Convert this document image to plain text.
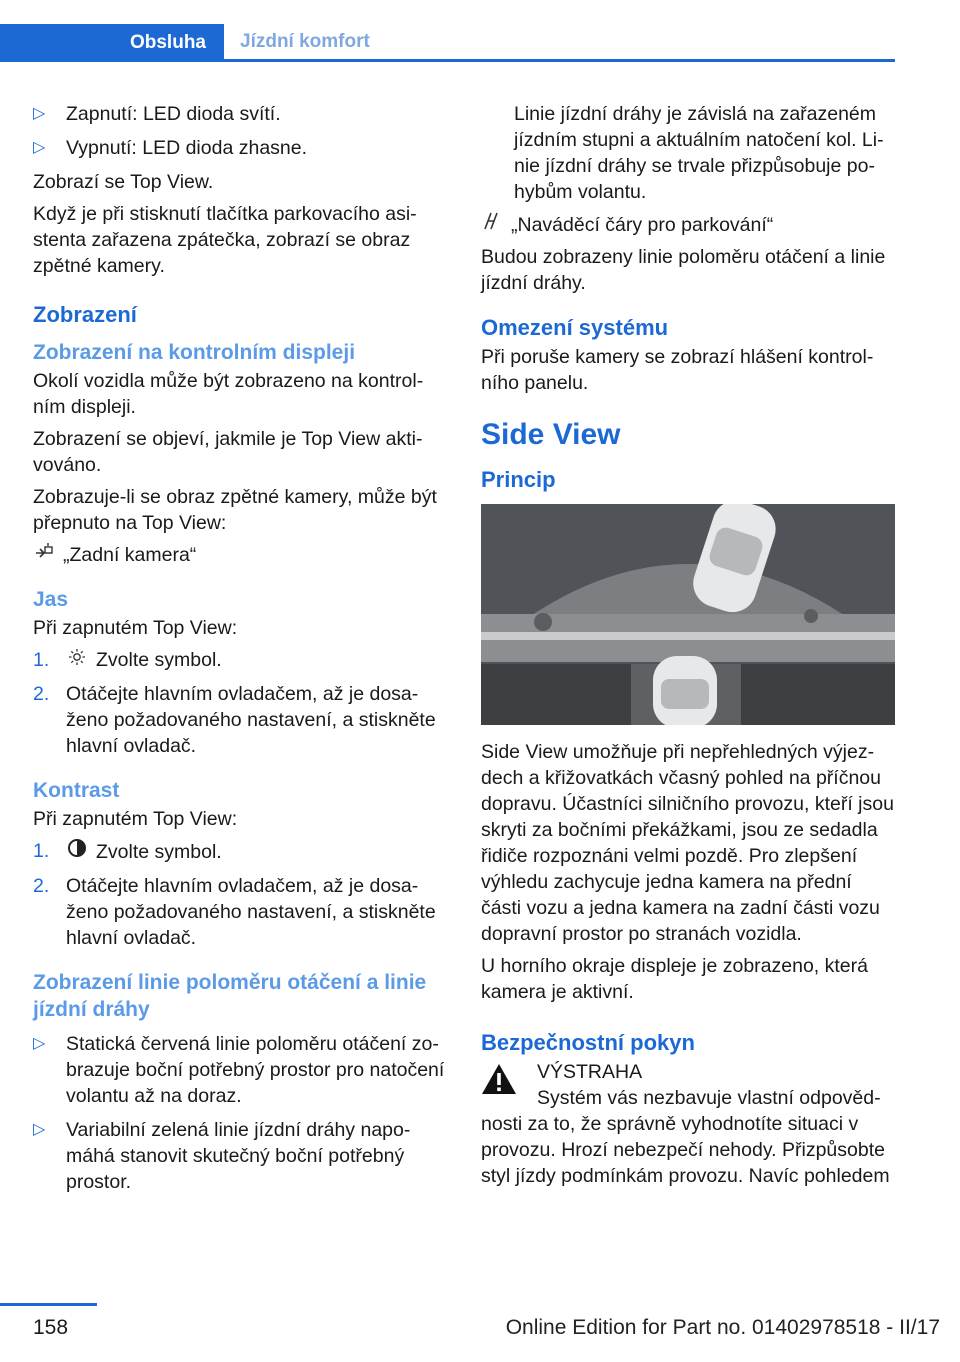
Obsluha Jízdní komfort
▷ Zapnutí: LED dioda svítí.
▷ Vypnutí: LED dioda zhasne.

Zobrazí se Top View.

Když je při stisknutí tlačítka parkovacího asistenta zařazena zpátečka, zobrazí se obraz zpětné kamery.

Zobrazení
Zobrazení na kontrolním displeji

Okolí vozidla může být zobrazeno na kontrolním displeji.

Zobrazení se objeví, jakmile je Top View aktivováno.

Zobrazuje-li se obraz zpětné kamery, může být přepnuto na Top View:

„Zadní kamera“

Jas

Při zapnutém Top View:

1. Zvolte symbol.
2. Otáčejte hlavním ovladačem, až je dosaženo požadovaného nastavení, a stiskněte hlavní ovladač.
Kontrast

Při zapnutém Top View:

1. Zvolte symbol.
2. Otáčejte hlavním ovladačem, až je dosaženo požadovaného nastavení, a stiskněte hlavní ovladač.
Zobrazení linie poloměru otáčení a linie jízdní dráhy
▷ Statická červená linie poloměru otáčení zobrazuje boční potřebný prostor pro natočení volantu až na doraz.
▷ Variabilní zelená linie jízdní dráhy napomáhá stanovit skutečný boční potřebný prostor.

Linie jízdní dráhy je závislá na zařazeném jízdním stupni a aktuálním natočení kol. Linie jízdní dráhy se trvale přizpůsobuje pohybům volantu.

„Naváděcí čáry pro parkování“

Budou zobrazeny linie poloměru otáčení a linie jízdní dráhy.

Omezení systému

Při poruše kamery se zobrazí hlášení kontrolního panelu.

Side View
Princip

Side View umožňuje při nepřehledných výjezdech a křižovatkách včasný pohled na příčnou dopravu. Účastníci silničního provozu, kteří jsou skryti za bočními překážkami, jsou ze sedadla řidiče rozpoznáni velmi pozdě. Pro zlepšení výhledu zachycuje jedna kamera na přední části vozu a jedna kamera na zadní části vozu dopravní prostor po stranách vozidla.

U horního okraje displeje je zobrazeno, která kamera je aktivní.

Bezpečnostní pokyn

VÝSTRAHA

Systém vás nezbavuje vlastní odpovědnosti za to, že správně vyhodnotíte situaci v provozu. Hrozí nebezpečí nehody. Přizpůsobte styl jízdy podmínkám provozu. Navíc pohledem

158	Online Edition for Part no. 01402978518 - II/17
